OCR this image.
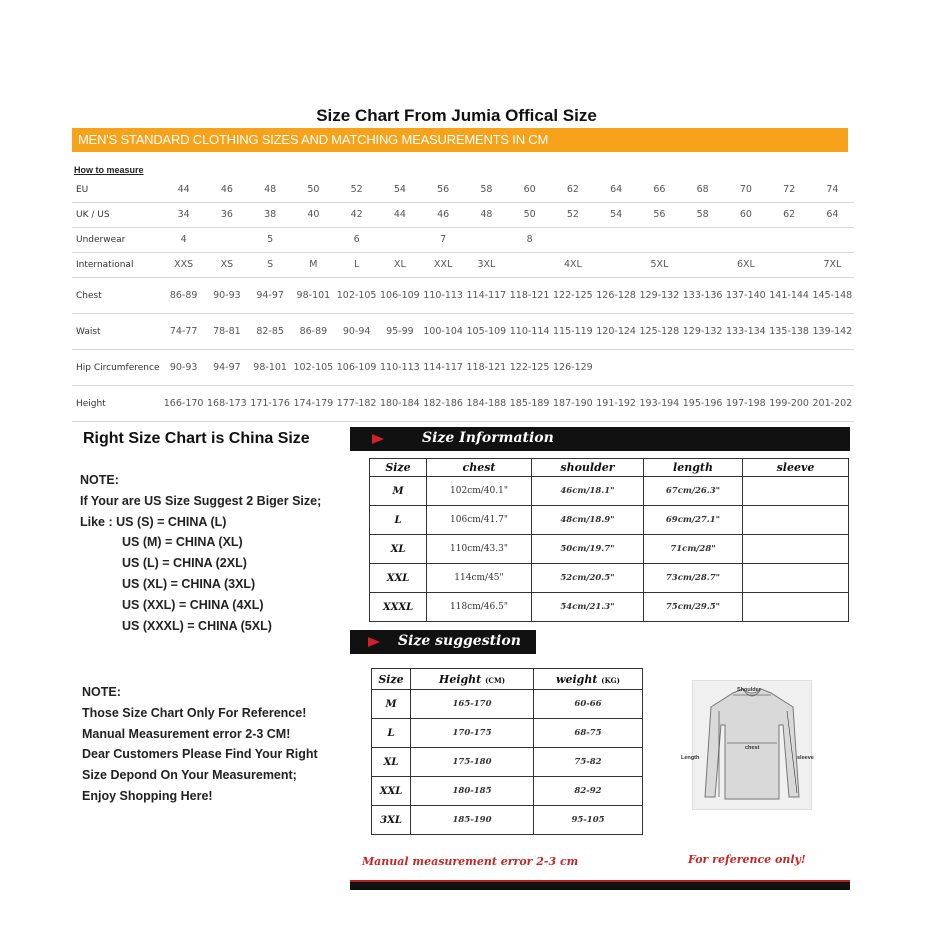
Size Chart From Jumia Offical Size
MEN'S STANDARD CLOTHING SIZES AND MATCHING MEASUREMENTS IN CM
How to measure
EU	44	46	48	50	52	54	56	58	60	62	64	66	68	70	72	74
UK / US	34	36	38	40	42	44	46	48	50	52	54	56	58	60	62	64
Underwear	4		5		6		7		8							
International	XXS	XS	S	M	L	XL	XXL	3XL		4XL		5XL		6XL		7XL
Chest	86-89	90-93	94-97	98-101	102-105	106-109	110-113	114-117	118-121	122-125	126-128	129-132	133-136	137-140	141-144	145-148
Waist	74-77	78-81	82-85	86-89	90-94	95-99	100-104	105-109	110-114	115-119	120-124	125-128	129-132	133-134	135-138	139-142
Hip Circumference	90-93	94-97	98-101	102-105	106-109	110-113	114-117	118-121	122-125	126-129						
Height	166-170	168-173	171-176	174-179	177-182	180-184	182-186	184-188	185-189	187-190	191-192	193-194	195-196	197-198	199-200	201-202
Right Size Chart is China Size	Size Information
NOTE:
If Your are US Size Suggest 2 Biger Size;
Like : US (S) = CHINA (L)
US (M) = CHINA (XL)
US (L) = CHINA (2XL)
US (XL) = CHINA (3XL)
US (XXL) = CHINA (4XL)
US (XXXL) = CHINA (5XL)
Size	chest	shoulder	length	sleeve
M	102cm/40.1"	46cm/18.1"	67cm/26.3"	
L	106cm/41.7"	48cm/18.9"	69cm/27.1"	
XL	110cm/43.3"	50cm/19.7"	71cm/28"	
XXL	114cm/45"	52cm/20.5"	73cm/28.7"	
XXXL	118cm/46.5"	54cm/21.3"	75cm/29.5"	
Size suggestion
Size	Height (CM)	weight (KG)
M	165-170	60-66
L	170-175	68-75
XL	175-180	75-82
XXL	180-185	82-92
3XL	185-190	95-105
Shoulder
chest
Length	sleeve
NOTE:
Those Size Chart Only For Reference!
Manual Measurement error 2-3 CM!
Dear Customers Please Find Your Right
Size Depond On Your Measurement;
Enjoy Shopping Here!
Manual measurement error 2-3 cm	For reference only!
